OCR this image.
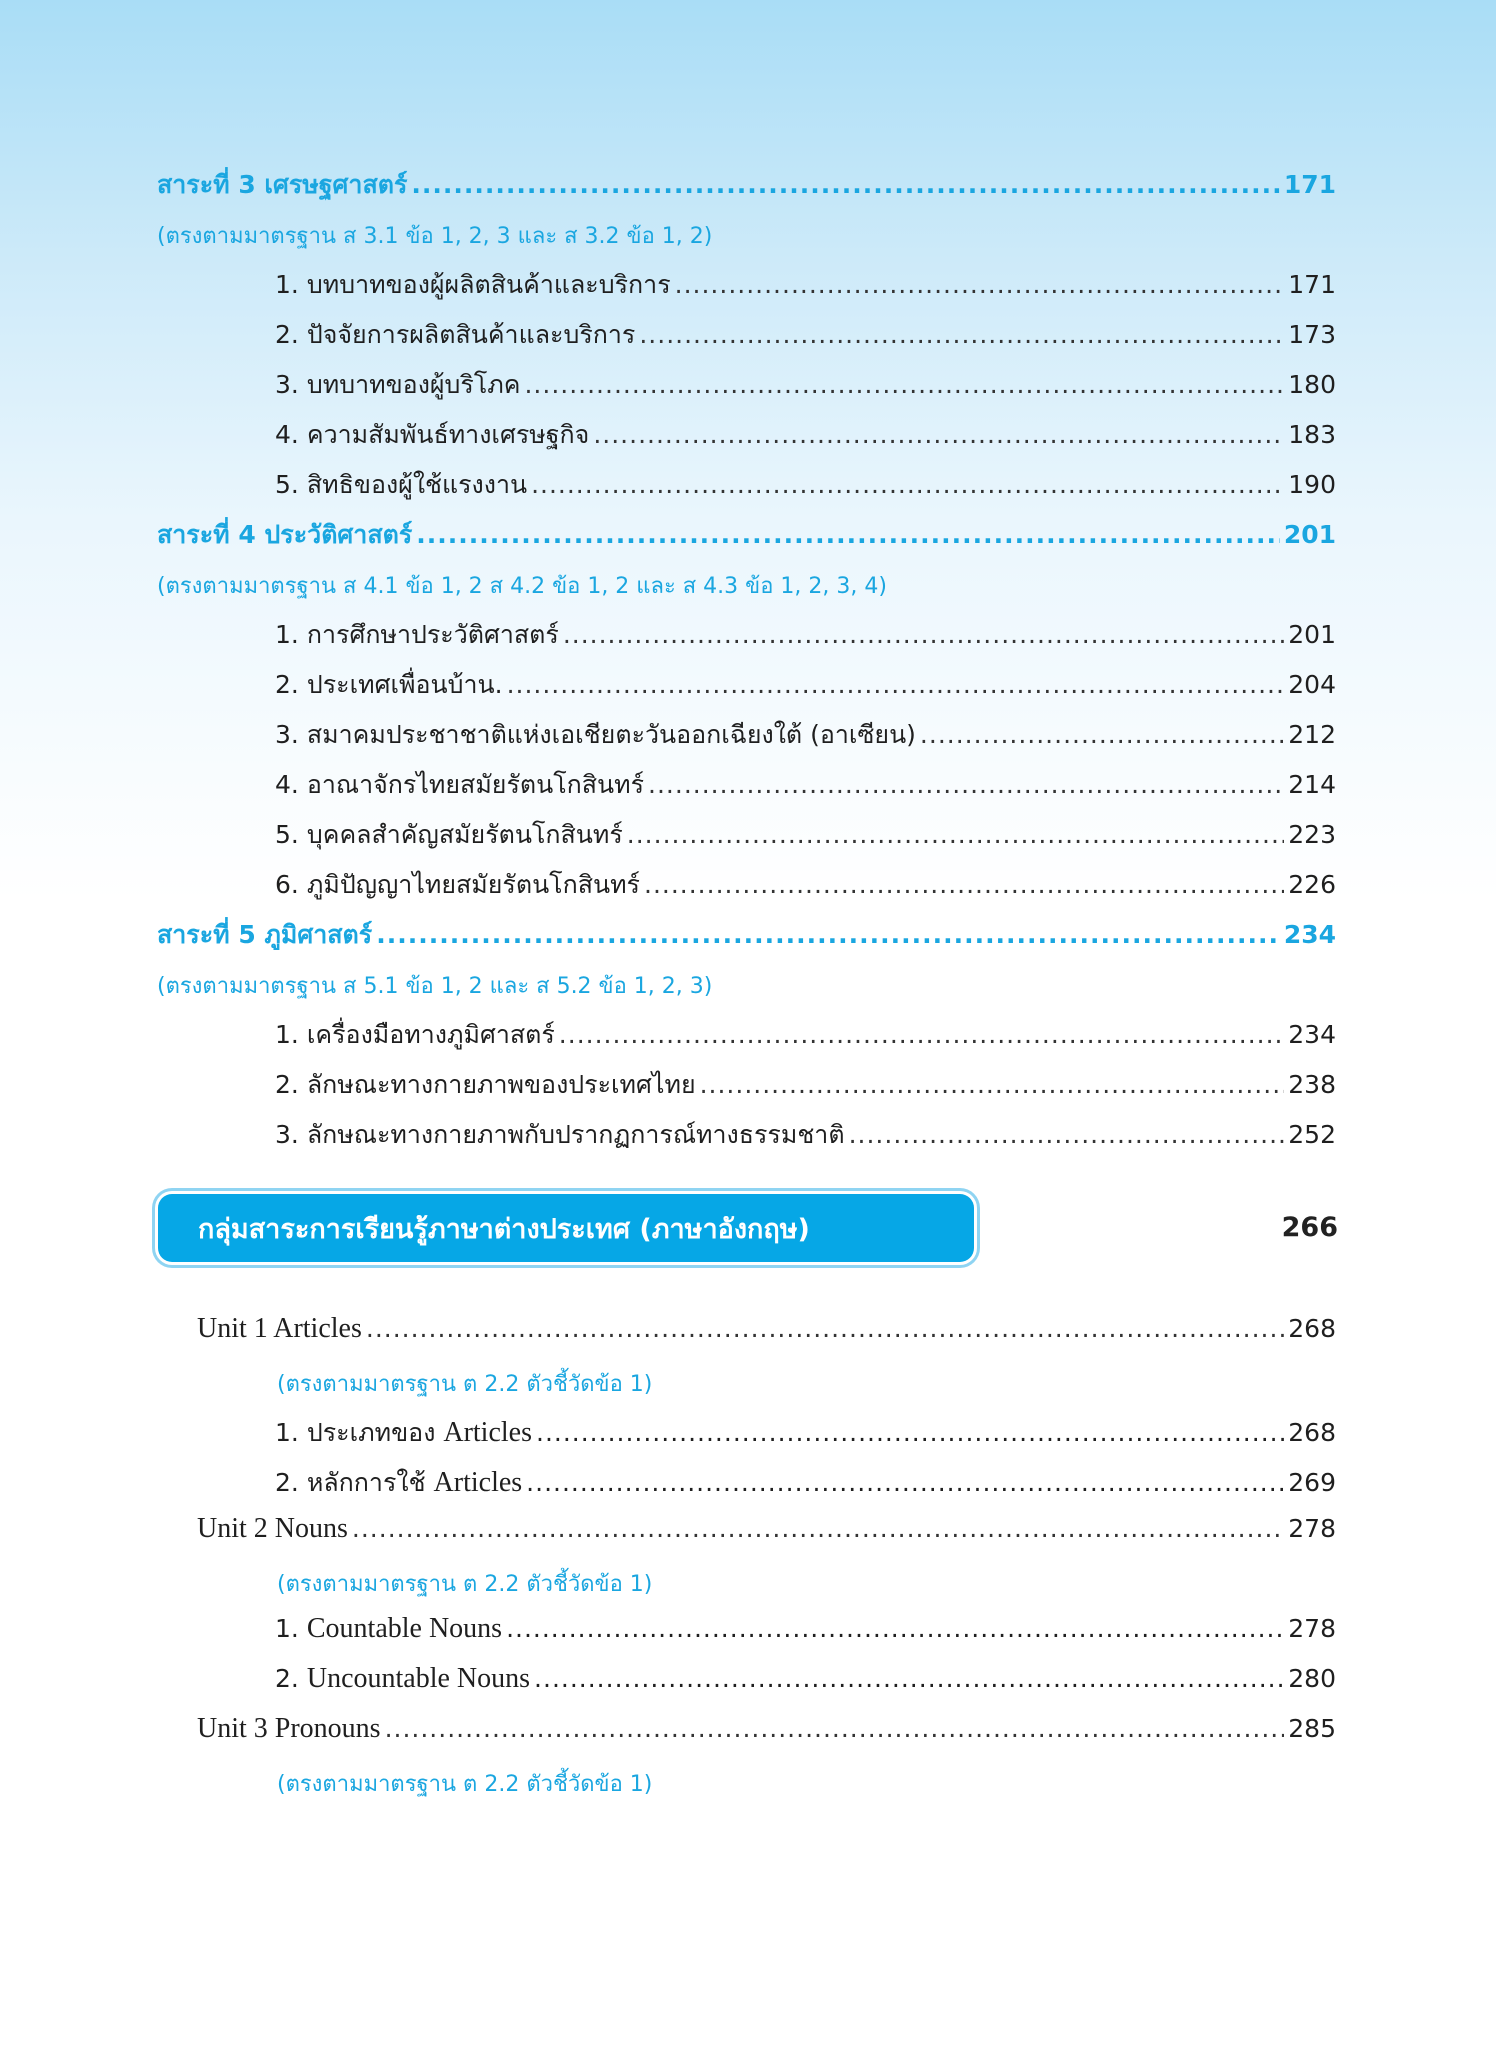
สาระที่ 3 เศรษฐศาสตร์ .....	171
(ตรงตามมาตรฐาน ส 3.1 ข้อ 1, 2, 3 และ ส 3.2 ข้อ 1, 2)
1. บทบาทของผู้ผลิตสินค้าและบริการ .....	171
2. ปัจจัยการผลิตสินค้าและบริการ .....	173
3. บทบาทของผู้บริโภค .....	180
4. ความสัมพันธ์ทางเศรษฐกิจ .....	183
5. สิทธิของผู้ใช้แรงงาน .....	190
สาระที่ 4 ประวัติศาสตร์ .....	201
(ตรงตามมาตรฐาน ส 4.1 ข้อ 1, 2 ส 4.2 ข้อ 1, 2 และ ส 4.3 ข้อ 1, 2, 3, 4)
1. การศึกษาประวัติศาสตร์ .....	201
2. ประเทศเพื่อนบ้าน. .....	204
3. สมาคมประชาชาติแห่งเอเชียตะวันออกเฉียงใต้ (อาเซียน) .....	212
4. อาณาจักรไทยสมัยรัตนโกสินทร์ .....	214
5. บุคคลสำคัญสมัยรัตนโกสินทร์ .....	223
6. ภูมิปัญญาไทยสมัยรัตนโกสินทร์ .....	226
สาระที่ 5 ภูมิศาสตร์ .....	234
(ตรงตามมาตรฐาน ส 5.1 ข้อ 1, 2 และ ส 5.2 ข้อ 1, 2, 3)
1. เครื่องมือทางภูมิศาสตร์ .....	234
2. ลักษณะทางกายภาพของประเทศไทย .....	238
3. ลักษณะทางกายภาพกับปรากฏการณ์ทางธรรมชาติ .....	252
กลุ่มสาระการเรียนรู้ภาษาต่างประเทศ (ภาษาอังกฤษ)	266
Unit 1 Articles .....	268
(ตรงตามมาตรฐาน ต 2.2 ตัวชี้วัดข้อ 1)
1. ประเภทของ Articles .....	268
2. หลักการใช้ Articles .....	269
Unit 2 Nouns .....	278
(ตรงตามมาตรฐาน ต 2.2 ตัวชี้วัดข้อ 1)
1. Countable Nouns .....	278
2. Uncountable Nouns .....	280
Unit 3 Pronouns .....	285
(ตรงตามมาตรฐาน ต 2.2 ตัวชี้วัดข้อ 1)
